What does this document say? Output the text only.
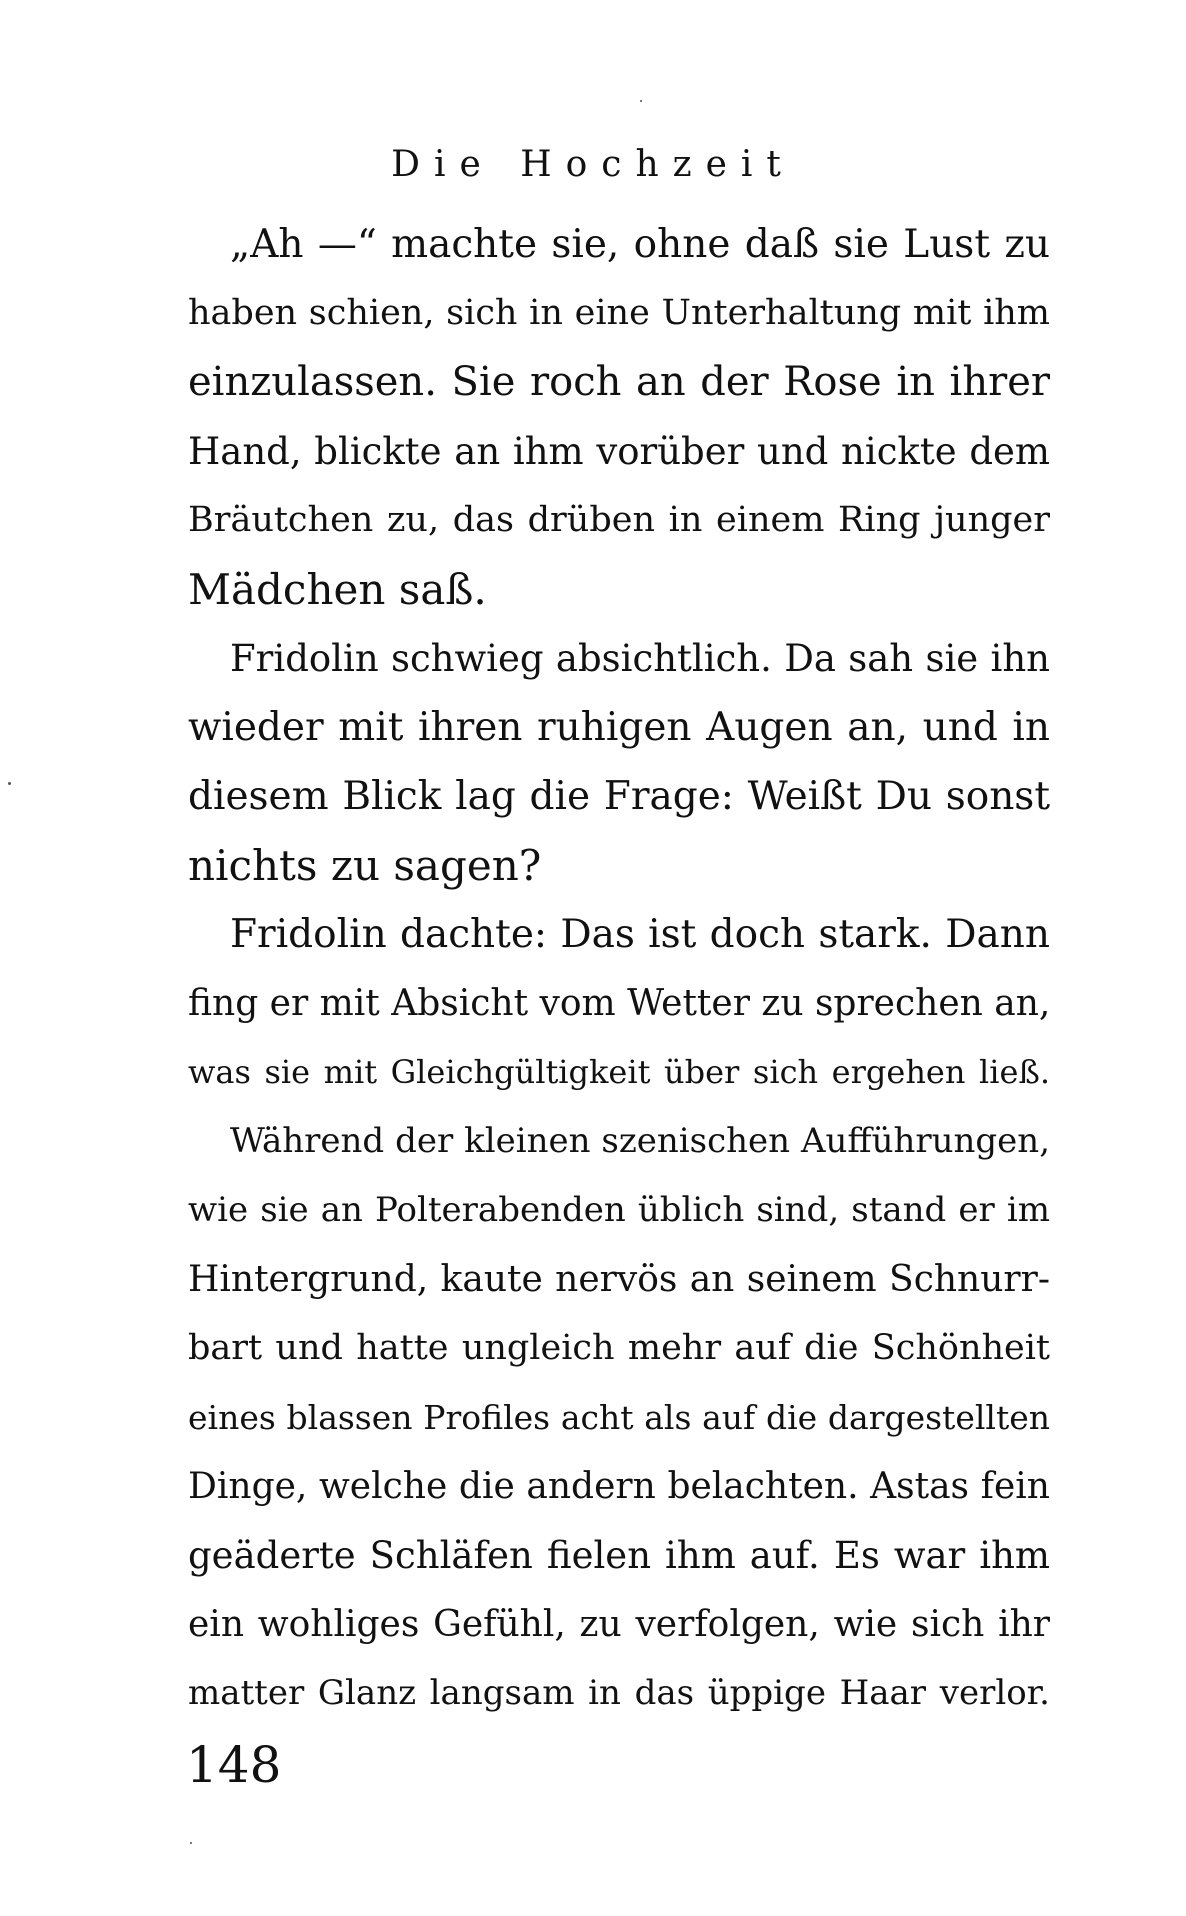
Die Hochzeit
„Ah —“ machte sie, ohne daß sie Lust zu
haben schien, sich in eine Unterhaltung mit ihm
einzulassen. Sie roch an der Rose in ihrer
Hand, blickte an ihm vorüber und nickte dem
Bräutchen zu, das drüben in einem Ring junger
Mädchen saß.
Fridolin schwieg absichtlich. Da sah sie ihn
wieder mit ihren ruhigen Augen an, und in
diesem Blick lag die Frage: Weißt Du sonst
nichts zu sagen?
Fridolin dachte: Das ist doch stark. Dann
fing er mit Absicht vom Wetter zu sprechen an,
was sie mit Gleichgültigkeit über sich ergehen ließ.
Während der kleinen szenischen Aufführungen,
wie sie an Polterabenden üblich sind, stand er im
Hintergrund, kaute nervös an seinem Schnurr-
bart und hatte ungleich mehr auf die Schönheit
eines blassen Profiles acht als auf die dargestellten
Dinge, welche die andern belachten. Astas fein
geäderte Schläfen fielen ihm auf. Es war ihm
ein wohliges Gefühl, zu verfolgen, wie sich ihr
matter Glanz langsam in das üppige Haar verlor.
148
